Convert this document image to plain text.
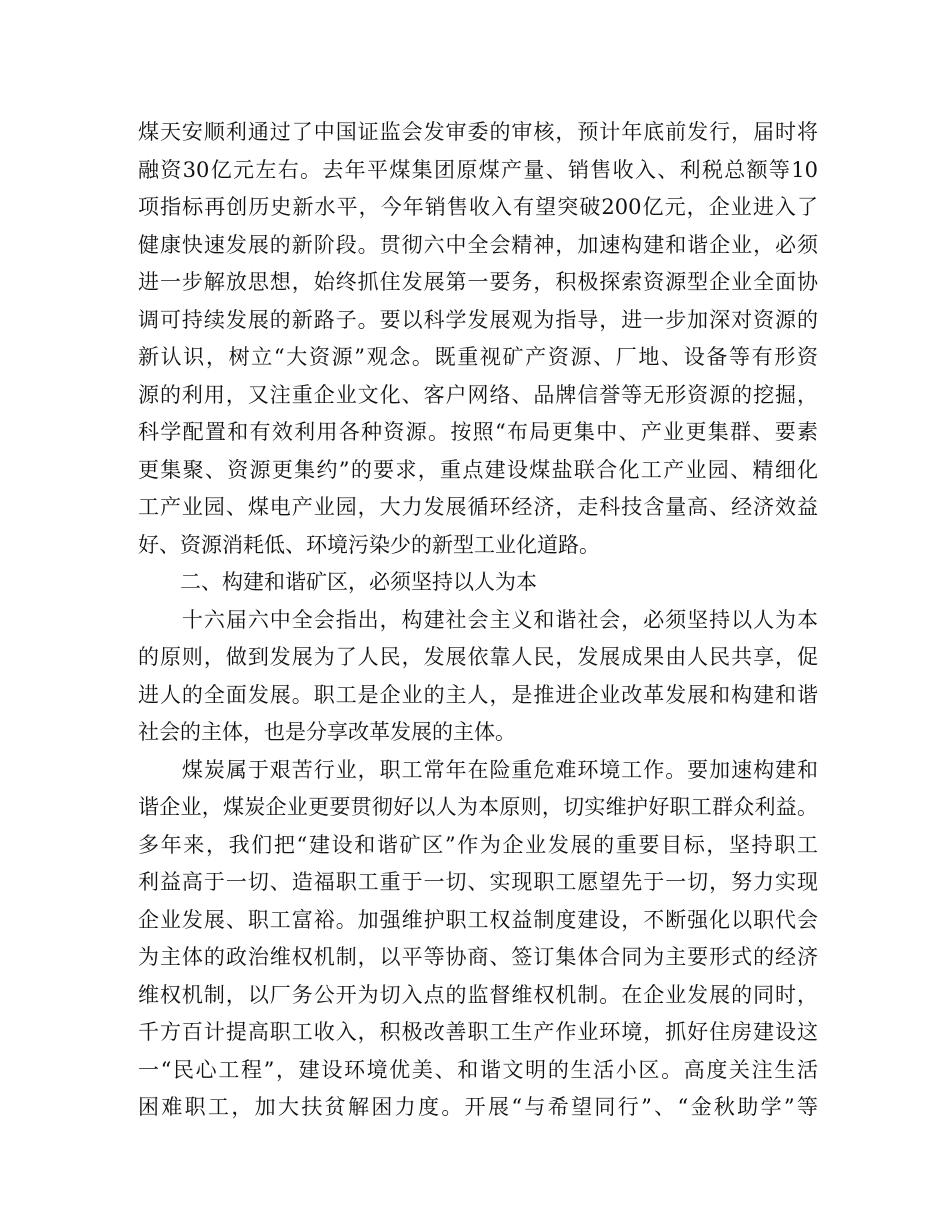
煤天安顺利通过了中国证监会发审委的审核，预计年底前发行，届时将
融资30亿元左右。去年平煤集团原煤产量、销售收入、利税总额等10
项指标再创历史新水平，今年销售收入有望突破200亿元，企业进入了
健康快速发展的新阶段。贯彻六中全会精神，加速构建和谐企业，必须
进一步解放思想，始终抓住发展第一要务，积极探索资源型企业全面协
调可持续发展的新路子。要以科学发展观为指导，进一步加深对资源的
新认识，树立“大资源”观念。既重视矿产资源、厂地、设备等有形资
源的利用，又注重企业文化、客户网络、品牌信誉等无形资源的挖掘，
科学配置和有效利用各种资源。按照“布局更集中、产业更集群、要素
更集聚、资源更集约”的要求，重点建设煤盐联合化工产业园、精细化
工产业园、煤电产业园，大力发展循环经济，走科技含量高、经济效益
好、资源消耗低、环境污染少的新型工业化道路。
　　二、构建和谐矿区，必须坚持以人为本
　　十六届六中全会指出，构建社会主义和谐社会，必须坚持以人为本
的原则，做到发展为了人民，发展依靠人民，发展成果由人民共享，促
进人的全面发展。职工是企业的主人，是推进企业改革发展和构建和谐
社会的主体，也是分享改革发展的主体。
　　煤炭属于艰苦行业，职工常年在险重危难环境工作。要加速构建和
谐企业，煤炭企业更要贯彻好以人为本原则，切实维护好职工群众利益。
多年来，我们把“建设和谐矿区”作为企业发展的重要目标，坚持职工
利益高于一切、造福职工重于一切、实现职工愿望先于一切，努力实现
企业发展、职工富裕。加强维护职工权益制度建设，不断强化以职代会
为主体的政治维权机制，以平等协商、签订集体合同为主要形式的经济
维权机制，以厂务公开为切入点的监督维权机制。在企业发展的同时，
千方百计提高职工收入，积极改善职工生产作业环境，抓好住房建设这
一“民心工程”，建设环境优美、和谐文明的生活小区。高度关注生活
困难职工，加大扶贫解困力度。开展“与希望同行”、“金秋助学”等
